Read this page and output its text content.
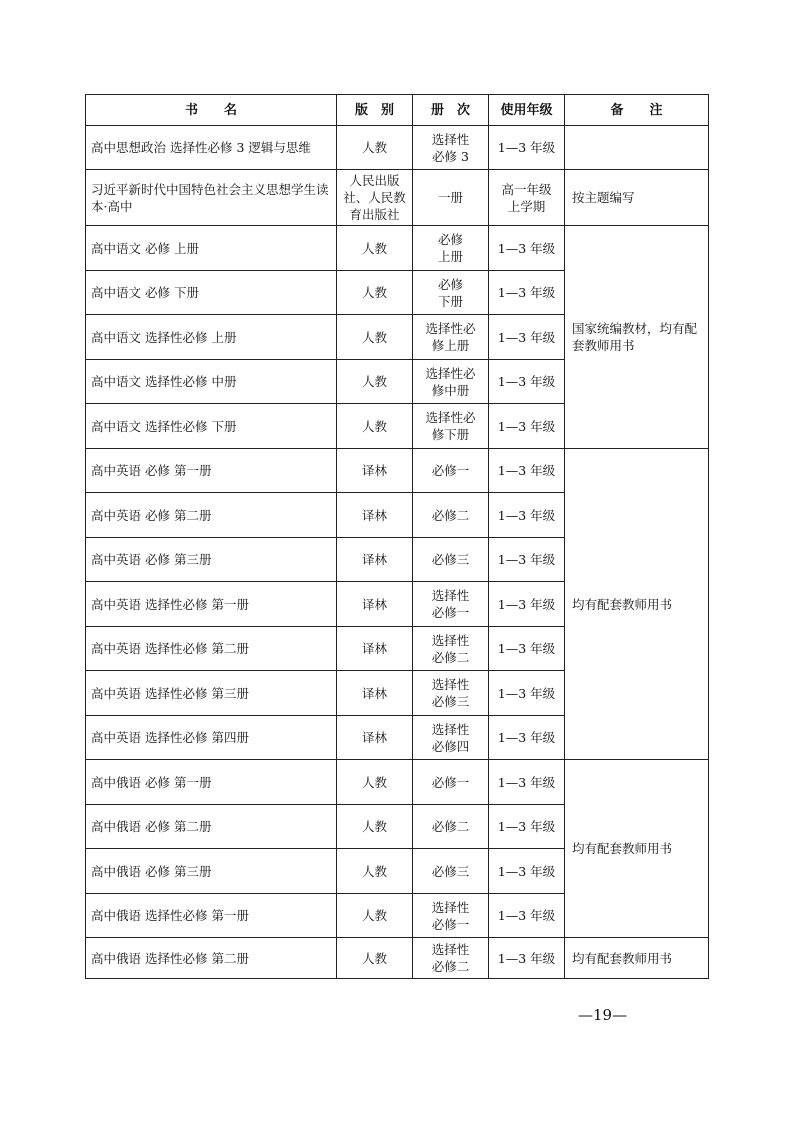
书　　名	版　别	册　次	使用年级	备　　注
高中思想政治 选择性必修 3 逻辑与思维	人教	选择性必修 3	1—3 年级	
习近平新时代中国特色社会主义思想学生读本·高中	人民出版社、人民教育出版社	一册	高一年级上学期	按主题编写
高中语文 必修 上册	人教	必修上册	1—3 年级	国家统编教材，均有配套教师用书
高中语文 必修 下册	人教	必修下册	1—3 年级	
高中语文 选择性必修 上册	人教	选择性必修上册	1—3 年级	
高中语文 选择性必修 中册	人教	选择性必修中册	1—3 年级	
高中语文 选择性必修 下册	人教	选择性必修下册	1—3 年级	
高中英语 必修 第一册	译林	必修一	1—3 年级	均有配套教师用书
高中英语 必修 第二册	译林	必修二	1—3 年级	
高中英语 必修 第三册	译林	必修三	1—3 年级	
高中英语 选择性必修 第一册	译林	选择性必修一	1—3 年级	
高中英语 选择性必修 第二册	译林	选择性必修二	1—3 年级	
高中英语 选择性必修 第三册	译林	选择性必修三	1—3 年级	
高中英语 选择性必修 第四册	译林	选择性必修四	1—3 年级	
高中俄语 必修 第一册	人教	必修一	1—3 年级	均有配套教师用书
高中俄语 必修 第二册	人教	必修二	1—3 年级	
高中俄语 必修 第三册	人教	必修三	1—3 年级	
高中俄语 选择性必修 第一册	人教	选择性必修一	1—3 年级	
高中俄语 选择性必修 第二册	人教	选择性必修二	1—3 年级	均有配套教师用书
—19—
